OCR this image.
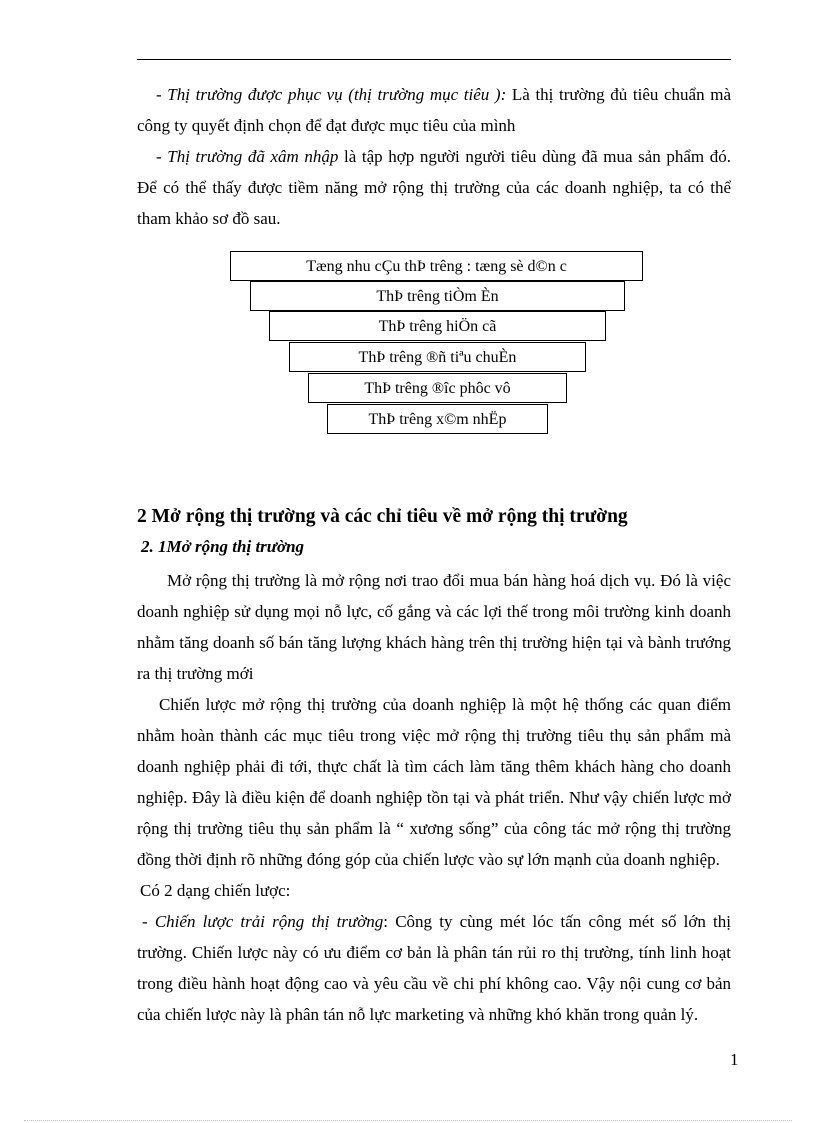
- Thị trường được phục vụ (thị trường mục tiêu ): Là thị trường đủ tiêu chuẩn mà công ty quyết định chọn để đạt được mục tiêu của mình

- Thị trường đã xâm nhập là tập hợp người người tiêu dùng đã mua sản phẩm đó. Để có thể thấy được tiềm năng mở rộng thị trường của các doanh nghiệp, ta có thể tham khảo sơ đồ sau.

Tæng nhu cÇu thÞ trêng : tæng sè d©n c
ThÞ trêng tiÒm Èn
ThÞ trêng hiÖn cã
ThÞ trêng ®ñ tiªu chuÈn
ThÞ trêng ®îc phôc vô
ThÞ trêng x©m nhËp
2 Mở rộng thị trường và các chỉ tiêu về mở rộng thị trường
2. 1Mở rộng thị trường

Mở rộng thị trường là mở rộng nơi trao đổi mua bán hàng hoá dịch vụ. Đó là việc doanh nghiệp sử dụng mọi nỗ lực, cố gắng và các lợi thế trong môi trường kinh doanh nhằm tăng doanh số bán tăng lượng khách hàng trên thị trường hiện tại và bành trướng ra thị trường mới

Chiến lược mở rộng thị trường của doanh nghiệp là một hệ thống các quan điểm nhằm hoàn thành các mục tiêu trong việc mở rộng thị trường tiêu thụ sản phẩm mà doanh nghiệp phải đi tới, thực chất là tìm cách làm tăng thêm khách hàng cho doanh nghiệp. Đây là điều kiện để doanh nghiệp tồn tại và phát triển. Như vậy chiến lược mở rộng thị trường tiêu thụ sản phẩm là “ xương sống” của công tác mở rộng thị trường đồng thời định rõ những đóng góp của chiến lược vào sự lớn mạnh của doanh nghiệp.

Có 2 dạng chiến lược:

- Chiến lược trải rộng thị trường: Công ty cùng mét lóc tấn công mét số lớn thị trường. Chiến lược này có ưu điểm cơ bản là phân tán rủi ro thị trường, tính linh hoạt trong điều hành hoạt động cao và yêu cầu về chi phí không cao. Vậy nội cung cơ bản của chiến lược này là phân tán nỗ lực marketing và những khó khăn trong quản lý.

1
